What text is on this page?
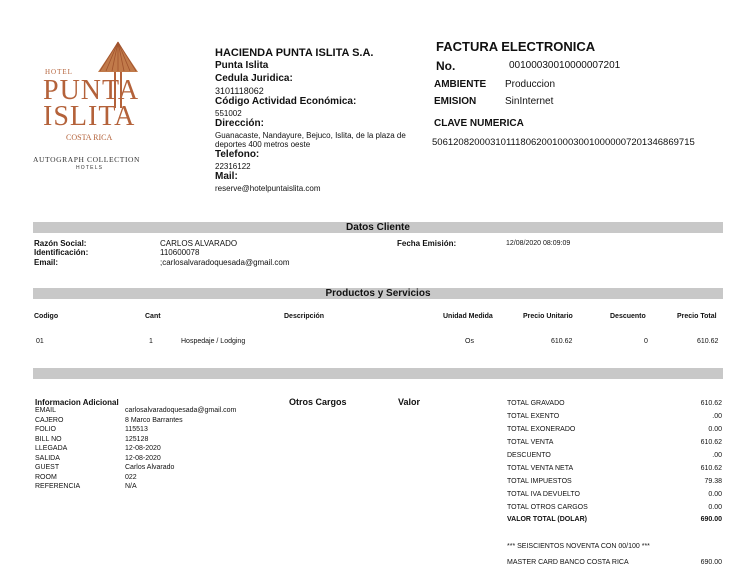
HOTEL
PUNTA
ISLITA
COSTA RICA
AUTOGRAPH COLLECTION
HOTELS
HACIENDA PUNTA ISLITA S.A.
Punta Islita
Cedula Juridica:
3101118062
Código Actividad Económica:
551002
Dirección:
Guanacaste, Nandayure, Bejuco, Islita, de la plaza de
deportes 400 metros oeste
Telefono:
22316122
Mail:
reserve@hotelpuntaislita.com
FACTURA ELECTRONICA
No.	00100030010000007201
AMBIENTE Produccion
EMISION	SinInternet
CLAVE NUMERICA
50612082000310111806200100030010000007201346869715
Datos Cliente
Razón Social:	CARLOS ALVARADO
Identificación:	110600078
Email:	;carlosalvaradoquesada@gmail.com
Fecha Emisión:	12/08/2020 08:09:09
Productos y Servicios
Codigo	Cant	Descripción	Unidad Medida	Precio Unitario	Descuento	Precio Total
01	1	Hospedaje / Lodging	Os	610.62	0	610.62
Informacion Adicional	Otros Cargos	Valor
EMAIL	carlosalvaradoquesada@gmail.com
CAJERO	8 Marco Barrantes
FOLIO	115513
BILL NO	125128
LLEGADA	12-08-2020
SALIDA	12-08-2020
GUEST	Carlos Alvarado
ROOM	022
REFERENCIA	N/A
TOTAL GRAVADO	610.62
TOTAL EXENTO	.00
TOTAL EXONERADO	0.00
TOTAL VENTA	610.62
DESCUENTO	.00
TOTAL VENTA NETA	610.62
TOTAL IMPUESTOS	79.38
TOTAL IVA DEVUELTO	0.00
TOTAL OTROS CARGOS	0.00
VALOR TOTAL (DOLAR)	690.00
*** SEISCIENTOS NOVENTA CON 00/100 ***
MASTER CARD BANCO COSTA RICA	690.00
